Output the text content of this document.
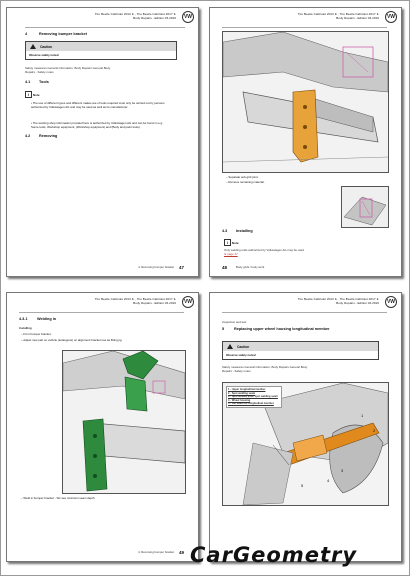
Tire Beetle Cabriolet 2013 ➤ , Tire Beetle Cabriolet 2017 ➤
Body Repairs - Edition 03.2016	VW
4	Removing bumper bracket
Caution
Observe safety notes!
Safety measures General information, Body Repairs General Body
Repairs - Safety notes
4.1 Tools
i Note
• The use of different types and different makes are of tools required must only be carried out by persons authorized by Volkswagen AG and may be used as well as its manufacturer.
• The working shop information provided here is authorized by Volkswagen AG and can be found in e.g. Some tools, Workshop equipment, (Workshop equipment) and (Body and paint tools).
4.2 Removing
4. Removing bumper bracket 47
Tire Beetle Cabriolet 2013 ➤ , Tire Beetle Cabriolet 2017 ➤
Body Repairs - Edition 03.2016	VW
– Separate sub-grid joint.
– Remove remaining material.
4.3 Installing
i Note
Only welding units authorized by Volkswagen AG may be used
➤ page 47
48	Body grids / body work
Tire Beetle Cabriolet 2013 ➤ , Tire Beetle Cabriolet 2017 ➤
Body Repairs - Edition 03.2016	VW
4.3.1	Welding in
Installing
– Fit in bumper bracket.
– Adjust new part on vehicle (analogous) on alignment bracket use as fitting jig.
– Weld in bumper bracket - SG see minimum seam depth.
4. Removing bumper bracket 49
Tire Beetle Cabriolet 2013 ➤ , Tire Beetle Cabriolet 2017 ➤
Body Repairs - Edition 03.2016	VW
Inspection and test
5	Replacing upper wheel housing longitudinal member
Caution
Observe safety notes!
Safety measures General information, Body Repairs General Body
Repairs - Safety notes
1 - Upper longitudinal member
2 - Spot welding seam
3 - Spot welded joint, spot welding seam
4 - Wheel housing
5 - Cut seam for longitudinal member
1
2
3
4
5
CarGeometry
